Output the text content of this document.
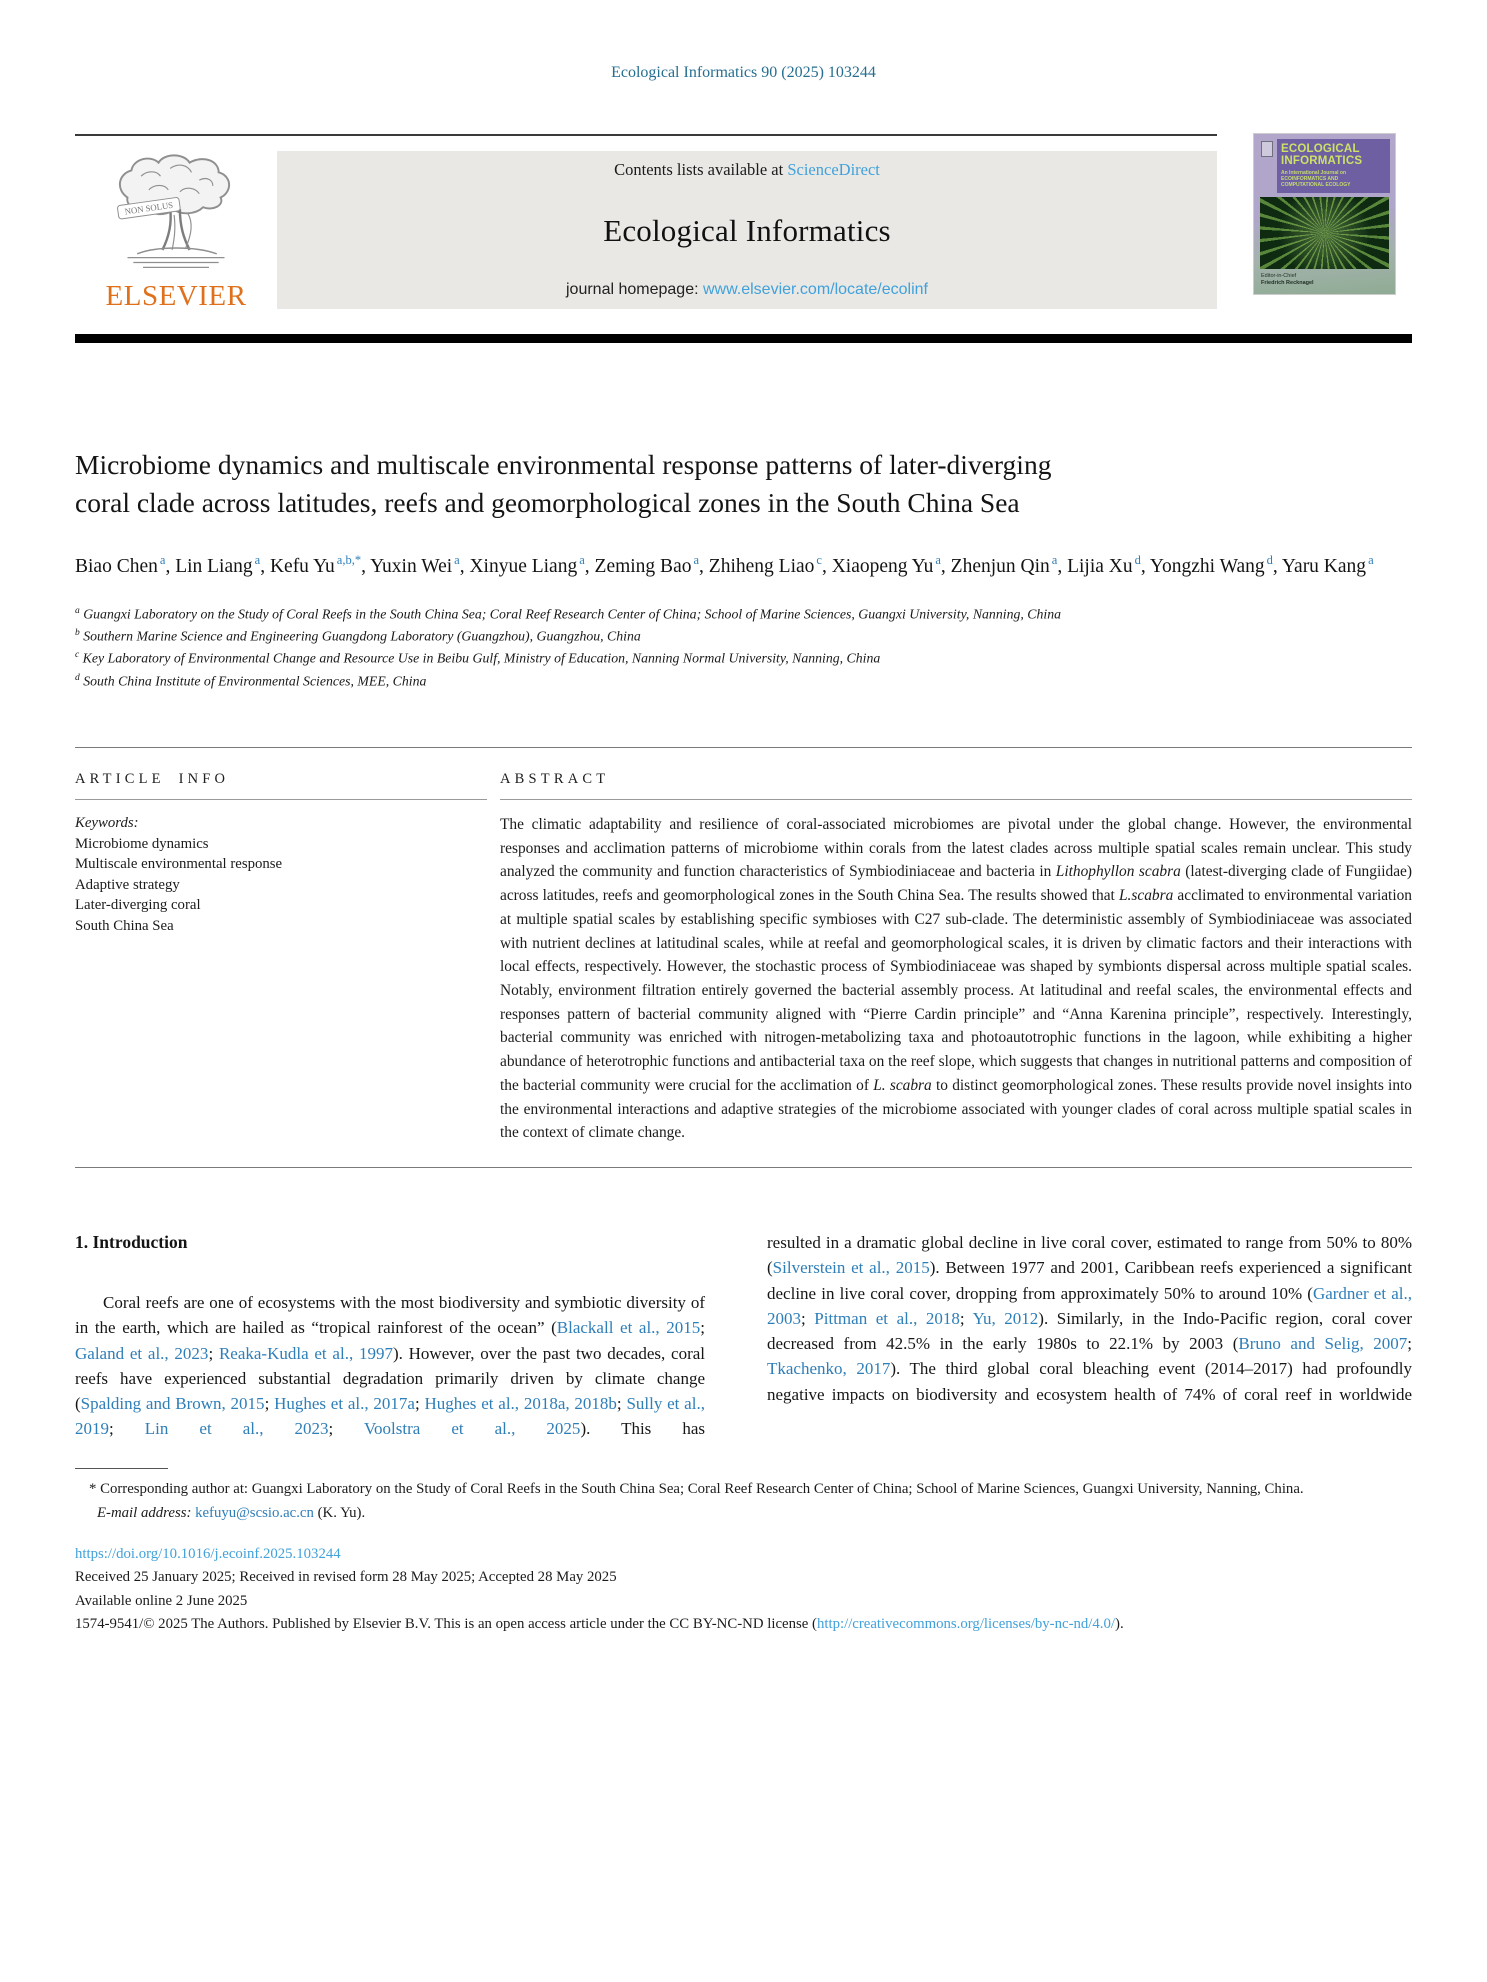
Ecological Informatics 90 (2025) 103244
NON SOLUS
ELSEVIER
Contents lists available at ScienceDirect
Ecological Informatics
journal homepage: www.elsevier.com/locate/ecolinf
ECOLOGICAL INFORMATICS
An International Journal on ECOINFORMATICS AND COMPUTATIONAL ECOLOGY
Editor-in-Chief
Friedrich Recknagel
Microbiome dynamics and multiscale environmental response patterns of later-diverging coral clade across latitudes, reefs and geomorphological zones in the South China Sea
Biao Chen $^a$, Lin Liang $^a$, Kefu Yu $^{a,b,*}$, Yuxin Wei $^a$, Xinyue Liang $^a$, Zeming Bao $^a$, Zhiheng Liao $^c$, Xiaopeng Yu $^a$, Zhenjun Qin $^a$, Lijia Xu $^d$, Yongzhi Wang $^d$, Yaru Kang $^a$
$^a$ Guangxi Laboratory on the Study of Coral Reefs in the South China Sea; Coral Reef Research Center of China; School of Marine Sciences, Guangxi University, Nanning, China
$^b$ Southern Marine Science and Engineering Guangdong Laboratory (Guangzhou), Guangzhou, China
$^c$ Key Laboratory of Environmental Change and Resource Use in Beibu Gulf, Ministry of Education, Nanning Normal University, Nanning, China
$^d$ South China Institute of Environmental Sciences, MEE, China
ARTICLE INFO
Keywords:
Microbiome dynamics
Multiscale environmental response
Adaptive strategy
Later-diverging coral
South China Sea
ABSTRACT

The climatic adaptability and resilience of coral-associated microbiomes are pivotal under the global change. However, the environmental responses and acclimation patterns of microbiome within corals from the latest clades across multiple spatial scales remain unclear. This study analyzed the community and function characteristics of Symbiodiniaceae and bacteria in Lithophyllon scabra (latest-diverging clade of Fungiidae) across latitudes, reefs and geomorphological zones in the South China Sea. The results showed that L.scabra acclimated to environmental variation at multiple spatial scales by establishing specific symbioses with C27 sub-clade. The deterministic assembly of Symbiodiniaceae was associated with nutrient declines at latitudinal scales, while at reefal and geomorphological scales, it is driven by climatic factors and their interactions with local effects, respectively. However, the stochastic process of Symbiodiniaceae was shaped by symbionts dispersal across multiple spatial scales. Notably, environment filtration entirely governed the bacterial assembly process. At latitudinal and reefal scales, the environmental effects and responses pattern of bacterial community aligned with “Pierre Cardin principle” and “Anna Karenina principle”, respectively. Interestingly, bacterial community was enriched with nitrogen-metabolizing taxa and photoautotrophic functions in the lagoon, while exhibiting a higher abundance of heterotrophic functions and antibacterial taxa on the reef slope, which suggests that changes in nutritional patterns and composition of the bacterial community were crucial for the acclimation of L. scabra to distinct geomorphological zones. These results provide novel insights into the environmental interactions and adaptive strategies of the microbiome associated with younger clades of coral across multiple spatial scales in the context of climate change.

1. Introduction

Coral reefs are one of ecosystems with the most biodiversity and symbiotic diversity of in the earth, which are hailed as “tropical rainforest of the ocean” (Blackall et al., 2015; Galand et al., 2023; Reaka-Kudla et al., 1997). However, over the past two decades, coral reefs have experienced substantial degradation primarily driven by climate change (Spalding and Brown, 2015; Hughes et al., 2017a; Hughes et al., 2018a, 2018b; Sully et al., 2019; Lin et al., 2023; Voolstra et al., 2025). This has

resulted in a dramatic global decline in live coral cover, estimated to range from 50% to 80% (Silverstein et al., 2015). Between 1977 and 2001, Caribbean reefs experienced a significant decline in live coral cover, dropping from approximately 50% to around 10% (Gardner et al., 2003; Pittman et al., 2018; Yu, 2012). Similarly, in the Indo-Pacific region, coral cover decreased from 42.5% in the early 1980s to 22.1% by 2003 (Bruno and Selig, 2007; Tkachenko, 2017). The third global coral bleaching event (2014–2017) had profoundly negative impacts on biodiversity and ecosystem health of 74% of coral reef in worldwide

* Corresponding author at: Guangxi Laboratory on the Study of Coral Reefs in the South China Sea; Coral Reef Research Center of China; School of Marine Sciences, Guangxi University, Nanning, China.

E-mail address: kefuyu@scsio.ac.cn (K. Yu).

https://doi.org/10.1016/j.ecoinf.2025.103244
Received 25 January 2025; Received in revised form 28 May 2025; Accepted 28 May 2025
Available online 2 June 2025

1574-9541/© 2025 The Authors. Published by Elsevier B.V. This is an open access article under the CC BY-NC-ND license (http://creativecommons.org/licenses/by-nc-nd/4.0/).
